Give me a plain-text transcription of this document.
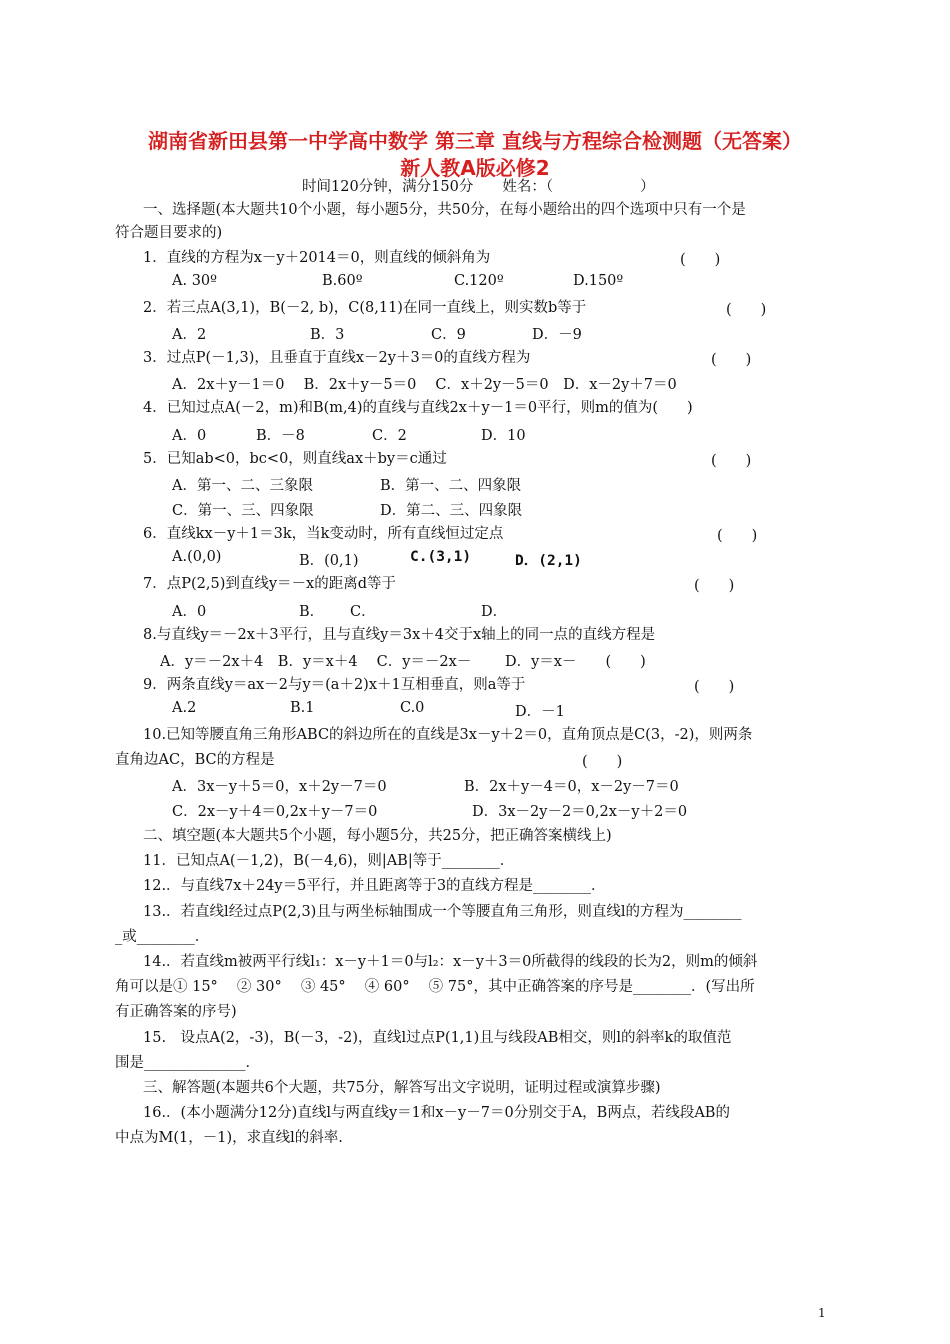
湖南省新田县第一中学高中数学 第三章 直线与方程综合检测题（无答案）
新人教A版必修2
时间120分钟，满分150分　　姓名：（　　　　　　）
一、选择题(本大题共10个小题，每小题5分，共50分，在每小题给出的四个选项中只有一个是
符合题目要求的)
1．直线的方程为x－y＋2014＝0，则直线的倾斜角为	(　　)
A. 30º	B.60º	C.120º	D.150º
2．若三点A(3,1)，B(－2, b)，C(8,11)在同一直线上，则实数b等于	(　　)
A．2	B．3	C．9	D．－9
3．过点P(－1,3)，且垂直于直线x－2y＋3＝0的直线方程为	(　　)
A．2x＋y－1＝0　 B．2x＋y－5＝0　 C．x＋2y－5＝0　D．x－2y＋7＝0
4．已知过点A(－2，m)和B(m,4)的直线与直线2x＋y－1＝0平行，则m的值为(　　)
A．0	B．－8	C．2	D．10
5．已知ab<0，bc<0，则直线ax＋by＝c通过	(　　)
A．第一、二、三象限	B．第一、二、四象限
C．第一、三、四象限	D．第二、三、四象限
6．直线kx－y＋1＝3k，当k变动时，所有直线恒过定点	(　　)
A.(0,0)	B．(0,1)	C.(3,1)	D．(2,1)
7．点P(2,5)到直线y＝－x的距离d等于	(　　)
A．0	B． C．	D．
8.与直线y＝－2x＋3平行，且与直线y＝3x＋4交于x轴上的同一点的直线方程是
A．y＝－2x＋4　B．y＝x＋4　 C．y＝－2x－　　 D．y＝x－　　(　　)
9．两条直线y＝ax－2与y＝(a＋2)x＋1互相垂直，则a等于	(　　)
A.2	B.1	C.0	D．－1
10.已知等腰直角三角形ABC的斜边所在的直线是3x－y＋2＝0，直角顶点是C(3，-2)，则两条
直角边AC，BC的方程是	(　　)
A．3x－y＋5＝0，x＋2y－7＝0	B．2x＋y－4＝0，x－2y－7＝0
C．2x－y＋4＝0,2x＋y－7＝0	D．3x－2y－2＝0,2x－y＋2＝0
二、填空题(本大题共5个小题，每小题5分，共25分，把正确答案横线上)
11．已知点A(－1,2)，B(－4,6)，则|AB|等于________．
12.．与直线7x＋24y＝5平行，并且距离等于3的直线方程是________．
13.．若直线l经过点P(2,3)且与两坐标轴围成一个等腰直角三角形，则直线l的方程为________
_或________．
14.．若直线m被两平行线l₁：x－y＋1＝0与l₂：x－y＋3＝0所截得的线段的长为2，则m的倾斜
角可以是① 15°　 ② 30°　 ③ 45°　 ④ 60°　 ⑤ 75°，其中正确答案的序号是________．(写出所
有正确答案的序号)
15.　设点A(2，-3)，B(－3，-2)，直线l过点P(1,1)且与线段AB相交，则l的斜率k的取值范
围是______________．
三、解答题(本题共6个大题，共75分，解答写出文字说明，证明过程或演算步骤)
16.．(本小题满分12分)直线l与两直线y＝1和x－y－7＝0分别交于A，B两点，若线段AB的
中点为M(1，－1)，求直线l的斜率.
1
